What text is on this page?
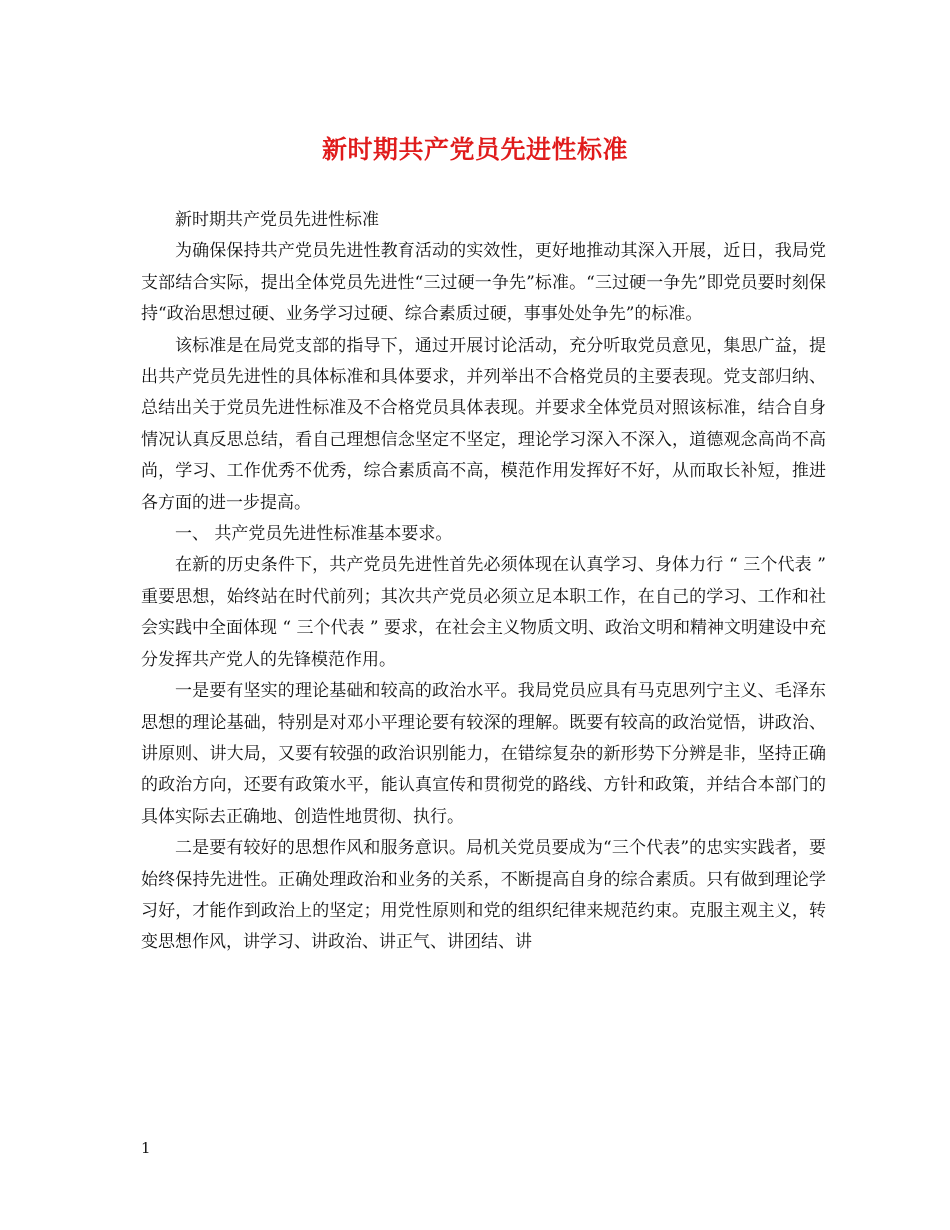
新时期共产党员先进性标准

新时期共产党员先进性标准

为确保保持共产党员先进性教育活动的实效性，更好地推动其深入开展，近日，我局党支部结合实际，提出全体党员先进性“三过硬一争先”标准。“三过硬一争先”即党员要时刻保持“政治思想过硬、业务学习过硬、综合素质过硬，事事处处争先”的标准。

该标准是在局党支部的指导下，通过开展讨论活动，充分听取党员意见，集思广益，提出共产党员先进性的具体标准和具体要求，并列举出不合格党员的主要表现。党支部归纳、总结出关于党员先进性标准及不合格党员具体表现。并要求全体党员对照该标准，结合自身情况认真反思总结，看自己理想信念坚定不坚定，理论学习深入不深入，道德观念高尚不高尚，学习、工作优秀不优秀，综合素质高不高，模范作用发挥好不好，从而取长补短，推进各方面的进一步提高。

一、 共产党员先进性标准基本要求。

在新的历史条件下，共产党员先进性首先必须体现在认真学习、身体力行 “ 三个代表 ” 重要思想，始终站在时代前列；其次共产党员必须立足本职工作，在自己的学习、工作和社会实践中全面体现 “ 三个代表 ” 要求，在社会主义物质文明、政治文明和精神文明建设中充分发挥共产党人的先锋模范作用。

一是要有坚实的理论基础和较高的政治水平。我局党员应具有马克思列宁主义、毛泽东思想的理论基础，特别是对邓小平理论要有较深的理解。既要有较高的政治觉悟，讲政治、讲原则、讲大局，又要有较强的政治识别能力，在错综复杂的新形势下分辨是非，坚持正确的政治方向，还要有政策水平，能认真宣传和贯彻党的路线、方针和政策，并结合本部门的具体实际去正确地、创造性地贯彻、执行。

二是要有较好的思想作风和服务意识。局机关党员要成为“三个代表”的忠实实践者，要始终保持先进性。正确处理政治和业务的关系，不断提高自身的综合素质。只有做到理论学习好，才能作到政治上的坚定；用党性原则和党的组织纪律来规范约束。克服主观主义，转变思想作风，讲学习、讲政治、讲正气、讲团结、讲

1
